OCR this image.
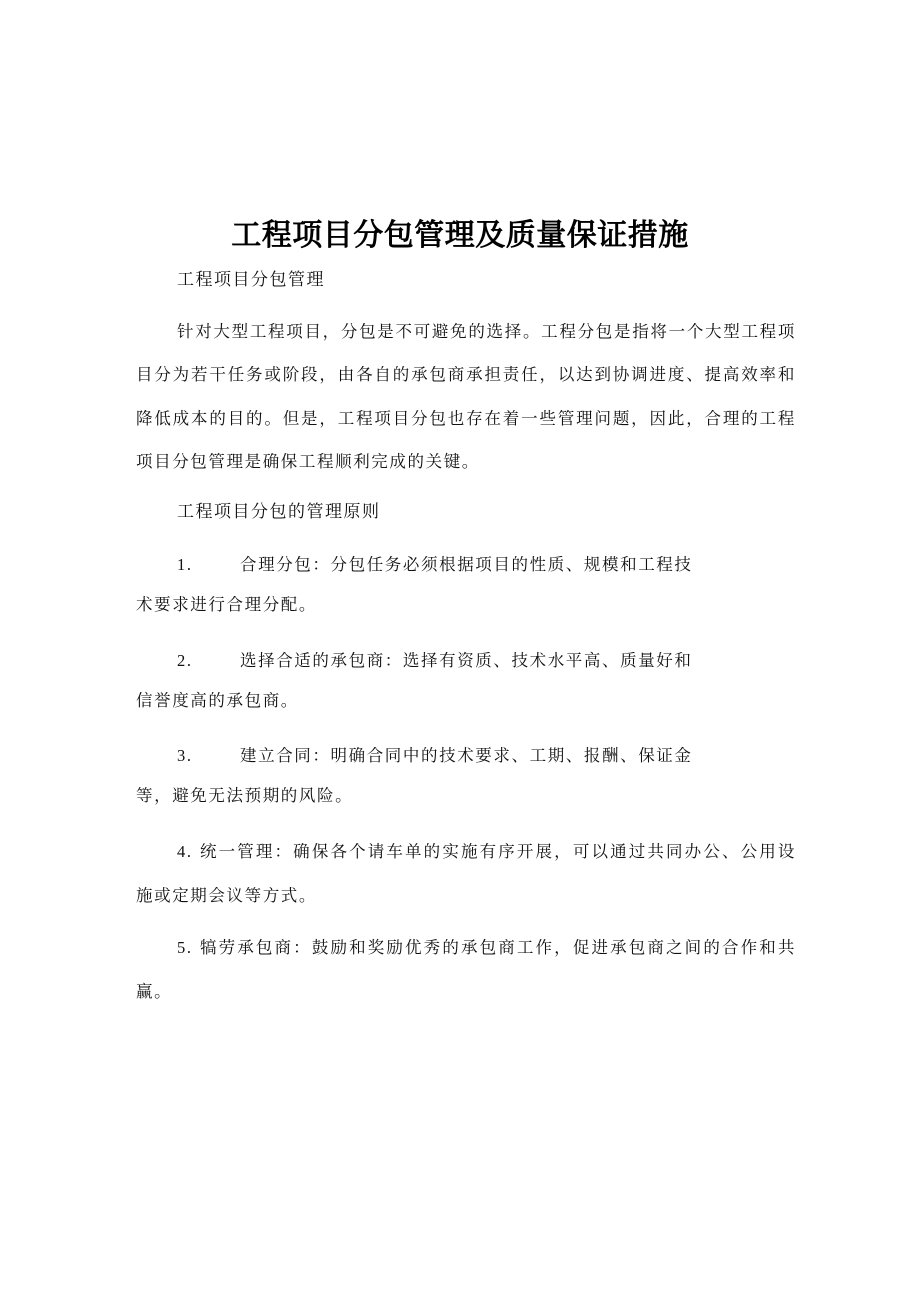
工程项目分包管理及质量保证措施

工程项目分包管理

针对大型工程项目，分包是不可避免的选择。工程分包是指将一个大型工程项目分为若干任务或阶段，由各自的承包商承担责任，以达到协调进度、提高效率和降低成本的目的。但是，工程项目分包也存在着一些管理问题，因此，合理的工程项目分包管理是确保工程顺利完成的关键。

工程项目分包的管理原则

1.	合理分包：分包任务必须根据项目的性质、规模和工程技
术要求进行合理分配。
2.	选择合适的承包商：选择有资质、技术水平高、质量好和
信誉度高的承包商。
3.	建立合同：明确合同中的技术要求、工期、报酬、保证金
等，避免无法预期的风险。

4. 统一管理：确保各个请车单的实施有序开展，可以通过共同办公、公用设施或定期会议等方式。

5. 犒劳承包商：鼓励和奖励优秀的承包商工作，促进承包商之间的合作和共赢。
